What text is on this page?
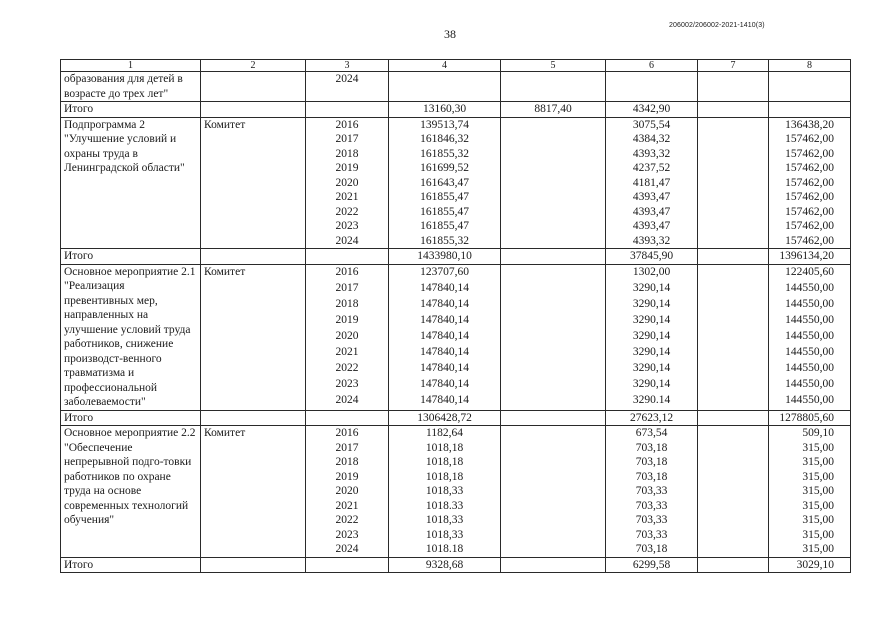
38
206002/206002-2021-1410(3)
1	2	3	4	5	6	7	8
образования для детей в возрасте до трех лет"		2024					
Итого			13160,30	8817,40	4342,90		
Подпрограмма 2 "Улучшение условий и охраны труда в Ленинградской области"	Комитет	2016	139513,74		3075,54		136438,20
		2017	161846,32		4384,32		157462,00
		2018	161855,32		4393,32		157462,00
		2019	161699,52		4237,52		157462,00
		2020	161643,47		4181,47		157462,00
		2021	161855,47		4393,47		157462,00
		2022	161855,47		4393,47		157462,00
		2023	161855,47		4393,47		157462,00
		2024	161855,32		4393,32		157462,00
Итого			1433980,10		37845,90		1396134,20
Основное мероприятие 2.1 "Реализация превентивных мер, направленных на улучшение условий труда работников, снижение производст-венного травматизма и профессиональной заболеваемости"	Комитет	2016	123707,60		1302,00		122405,60
		2017	147840,14		3290,14		144550,00
		2018	147840,14		3290,14		144550,00
		2019	147840,14		3290,14		144550,00
		2020	147840,14		3290,14		144550,00
		2021	147840,14		3290,14		144550,00
		2022	147840,14		3290,14		144550,00
		2023	147840,14		3290,14		144550,00
		2024	147840,14		3290.14		144550,00
Итого			1306428,72		27623,12		1278805,60
Основное мероприятие 2.2 "Обеспечение непрерывной подго-товки работников по охране труда на основе современных технологий обучения"	Комитет	2016	1182,64		673,54		509,10
		2017	1018,18		703,18		315,00
		2018	1018,18		703,18		315,00
		2019	1018,18		703,18		315,00
		2020	1018,33		703,33		315,00
		2021	1018.33		703,33		315,00
		2022	1018,33		703,33		315,00
		2023	1018,33		703,33		315,00
		2024	1018.18		703,18		315,00
Итого			9328,68		6299,58		3029,10
